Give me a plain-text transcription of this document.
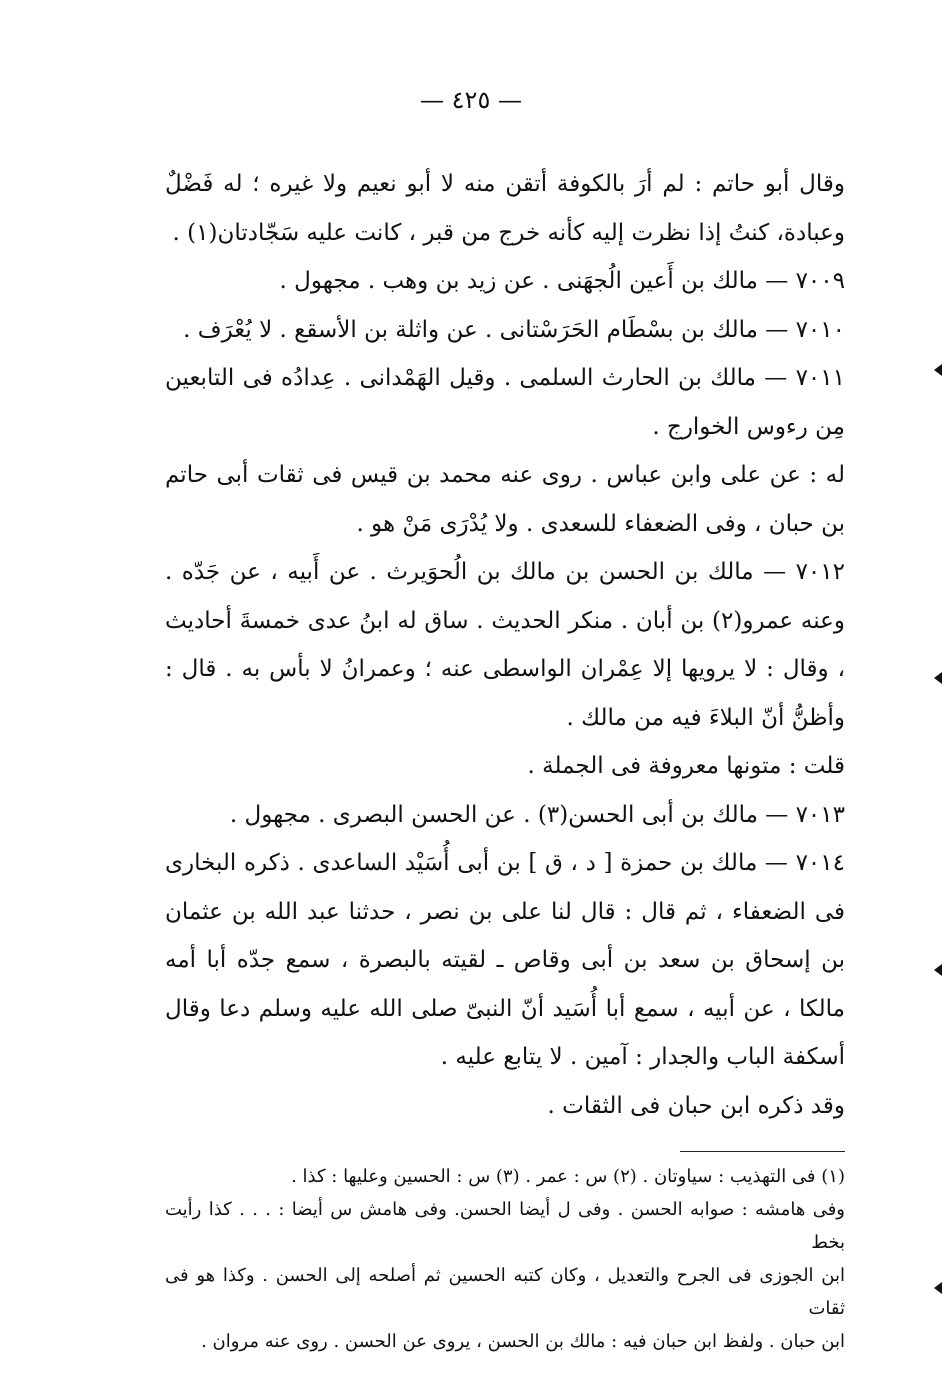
— ٤٢٥ —

وقال أبو حاتم : لم أرَ بالكوفة أتقن منه لا أبو نعيم ولا غيره ؛ له فَضْلٌ وعبادة، كنتُ إذا نظرت إليه كأنه خرج من قبر ، كانت عليه سَجّادتان(١) .

٧٠٠٩ — مالك بن أَعين الُجهَنى . عن زيد بن وهب . مجهول .

٧٠١٠ — مالك بن بسْطَام الحَرَسْتانى . عن واثلة بن الأسقع . لا يُعْرَف .

٧٠١١ — مالك بن الحارث السلمى . وقيل الهَمْدانى . عِدادُه فى التابعين مِن رءوس الخوارج .

له : عن على وابن عباس . روى عنه محمد بن قيس فى ثقات أبى حاتم بن حبان ، وفى الضعفاء للسعدى . ولا يُدْرَى مَنْ هو .

٧٠١٢ — مالك بن الحسن بن مالك بن الُحوَيرث . عن أَبيه ، عن جَدّه . وعنه عمرو(٢) بن أبان . منكر الحديث . ساق له ابنُ عدى خمسةَ أحاديث ، وقال : لا يرويها إلا عِمْران الواسطى عنه ؛ وعمرانُ لا بأس به . قال : وأظنُّ أنّ البلاءَ فيه من مالك .

قلت : متونها معروفة فى الجملة .

٧٠١٣ — مالك بن أبى الحسن(٣) . عن الحسن البصرى . مجهول .

٧٠١٤ — مالك بن حمزة [ د ، ق ] بن أبى أُسَيْد الساعدى . ذكره البخارى فى الضعفاء ، ثم قال : قال لنا على بن نصر ، حدثنا عبد الله بن عثمان بن إسحاق بن سعد بن أبى وقاص ـ لقيته بالبصرة ، سمع جدّه أبا أمه مالكا ، عن أبيه ، سمع أبا أُسَيد أنّ النبىّ صلى الله عليه وسلم دعا وقال أسكفة الباب والجدار : آمين . لا يتابع عليه .

وقد ذكره ابن حبان فى الثقات .

(١) فى التهذيب : سياوتان . (٢) س : عمر . (٣) س : الحسين وعليها : كذا .

وفى هامشه : صوابه الحسن . وفى ل أيضا الحسن. وفى هامش س أيضا : . . . كذا رأيت بخط

ابن الجوزى فى الجرح والتعديل ، وكان كتبه الحسين ثم أصلحه إلى الحسن . وكذا هو فى ثقات

ابن حبان . ولفظ ابن حبان فيه : مالك بن الحسن ، يروى عن الحسن . روى عنه مروان .
